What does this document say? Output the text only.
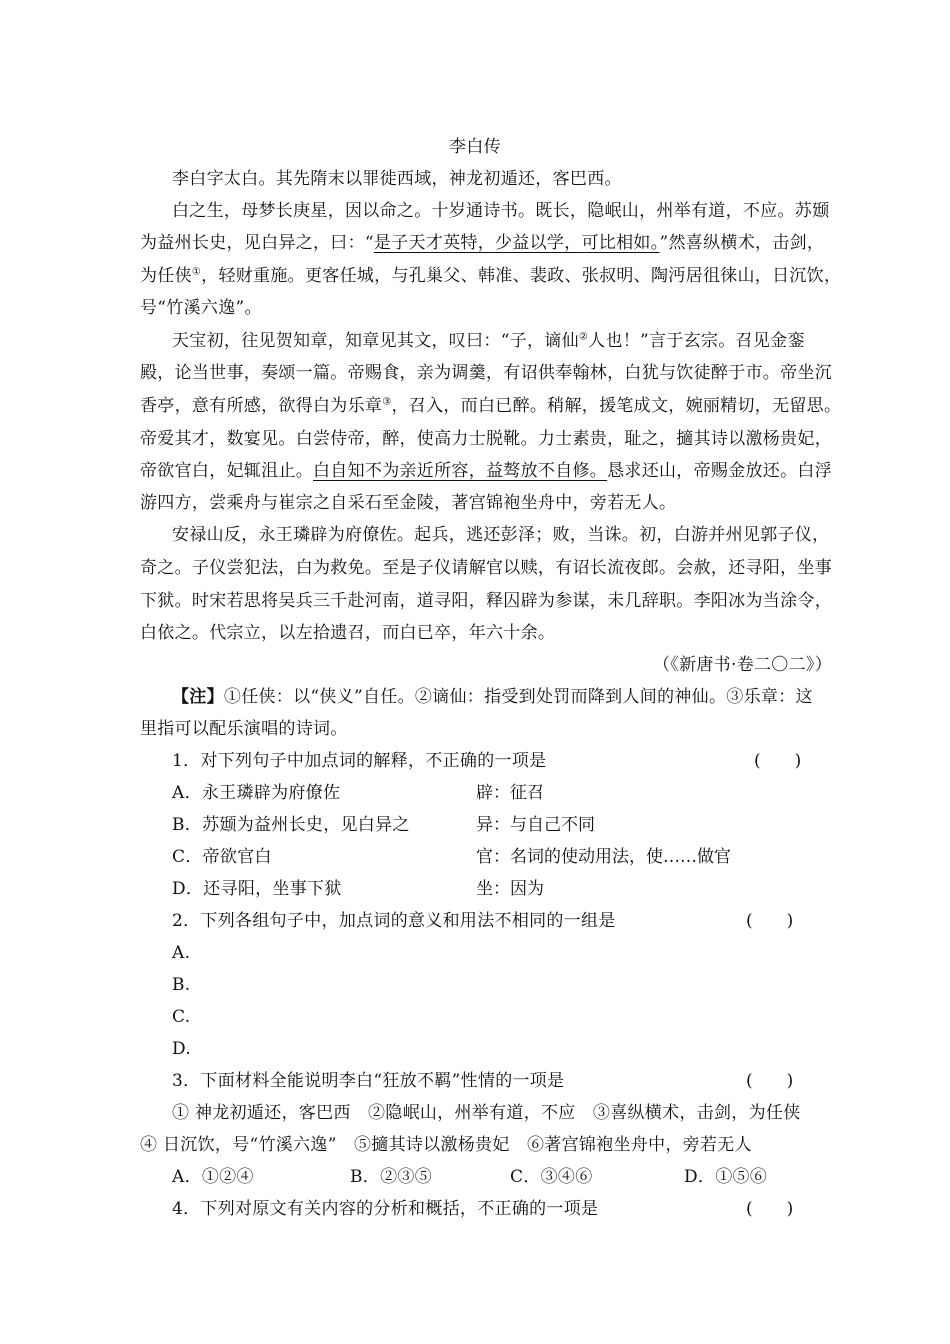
李白传
李白字太白。其先隋末以罪徙西域，神龙初遁还，客巴西。
白之生，母梦长庚星，因以命之。十岁通诗书。既长，隐岷山，州举有道，不应。苏颋
为益州长史，见白异之，曰：“是子天才英特，少益以学，可比相如。”然喜纵横术，击剑，
为任侠①，轻财重施。更客任城，与孔巢父、韩准、裴政、张叔明、陶沔居徂徕山，日沉饮，
号“竹溪六逸”。
天宝初，往见贺知章，知章见其文，叹曰：“子，谪仙②人也！”言于玄宗。召见金銮
殿，论当世事，奏颂一篇。帝赐食，亲为调羹，有诏供奉翰林，白犹与饮徒醉于市。帝坐沉
香亭，意有所感，欲得白为乐章③，召入，而白已醉。稍解，援笔成文，婉丽精切，无留思。
帝爱其才，数宴见。白尝侍帝，醉，使高力士脱靴。力士素贵，耻之，擿其诗以激杨贵妃，
帝欲官白，妃辄沮止。白自知不为亲近所容，益骜放不自修。恳求还山，帝赐金放还。白浮
游四方，尝乘舟与崔宗之自采石至金陵，著宫锦袍坐舟中，旁若无人。
安禄山反，永王璘辟为府僚佐。起兵，逃还彭泽；败，当诛。初，白游并州见郭子仪，
奇之。子仪尝犯法，白为救免。至是子仪请解官以赎，有诏长流夜郎。会赦，还寻阳，坐事
下狱。时宋若思将吴兵三千赴河南，道寻阳，释囚辟为参谋，未几辞职。李阳冰为当涂令，
白依之。代宗立，以左拾遗召，而白已卒，年六十余。
（《新唐书·卷二〇二》）
【注】①任侠：以“侠义”自任。②谪仙：指受到处罚而降到人间的神仙。③乐章：这
里指可以配乐演唱的诗词。
1．对下列句子中加点词的解释，不正确的一项是	(　　)
A．永王璘辟为府僚佐	辟：征召
B．苏颋为益州长史，见白异之	异：与自己不同
C．帝欲官白	官：名词的使动用法，使……做官
D．还寻阳，坐事下狱	坐：因为
2．下列各组句子中，加点词的意义和用法不相同的一组是	(　　)
A.
B.
C.
D.
3．下面材料全能说明李白“狂放不羁”性情的一项是	(　　)
① 神龙初遁还，客巴西　②隐岷山，州举有道，不应　③喜纵横术，击剑，为任侠
④ 日沉饮，号“竹溪六逸”　⑤擿其诗以激杨贵妃　⑥著宫锦袍坐舟中，旁若无人
A．①②④	B．②③⑤	C．③④⑥	D．①⑤⑥
4．下列对原文有关内容的分析和概括，不正确的一项是	(　　)
